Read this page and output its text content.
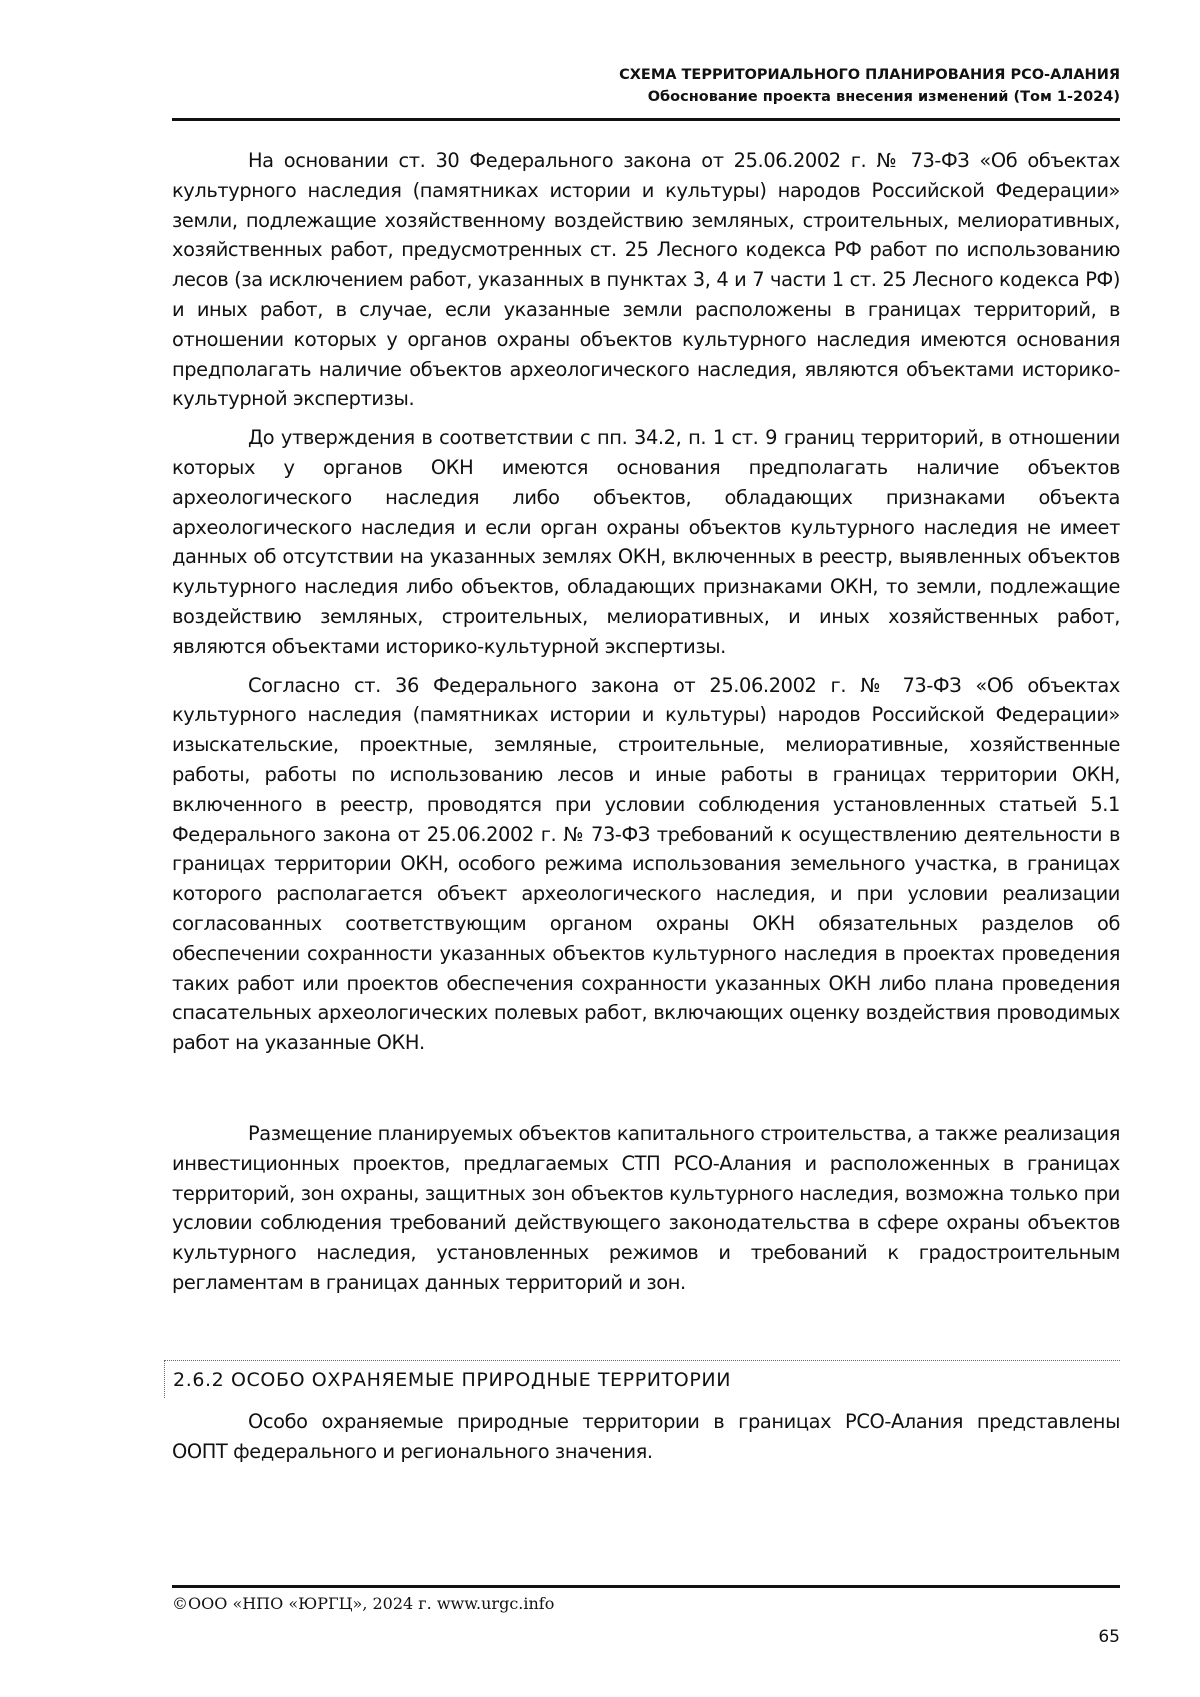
СХЕМА ТЕРРИТОРИАЛЬНОГО ПЛАНИРОВАНИЯ РСО-АЛАНИЯ
Обоснование проекта внесения изменений (Том 1-2024)

На основании ст. 30 Федерального закона от 25.06.2002 г. № 73-ФЗ «Об объектах культурного наследия (памятниках истории и культуры) народов Российской Федерации» земли, подлежащие хозяйственному воздействию земляных, строительных, мелиоративных, хозяйственных работ, предусмотренных ст. 25 Лесного кодекса РФ работ по использованию лесов (за исключением работ, указанных в пунктах 3, 4 и 7 части 1 ст. 25 Лесного кодекса РФ) и иных работ, в случае, если указанные земли расположены в границах территорий, в отношении которых у органов охраны объектов культурного наследия имеются основания предполагать наличие объектов археологического наследия, являются объектами историко-культурной экспертизы.

До утверждения в соответствии с пп. 34.2, п. 1 ст. 9 границ территорий, в отношении которых у органов ОКН имеются основания предполагать наличие объектов археологического наследия либо объектов, обладающих признаками объекта археологического наследия и если орган охраны объектов культурного наследия не имеет данных об отсутствии на указанных землях ОКН, включенных в реестр, выявленных объектов культурного наследия либо объектов, обладающих признаками ОКН, то земли, подлежащие воздействию земляных, строительных, мелиоративных, и иных хозяйственных работ, являются объектами историко-культурной экспертизы.

Согласно ст. 36 Федерального закона от 25.06.2002 г. № 73-ФЗ «Об объектах культурного наследия (памятниках истории и культуры) народов Российской Федерации» изыскательские, проектные, земляные, строительные, мелиоративные, хозяйственные работы, работы по использованию лесов и иные работы в границах территории ОКН, включенного в реестр, проводятся при условии соблюдения установленных статьей 5.1 Федерального закона от 25.06.2002 г. № 73-ФЗ требований к осуществлению деятельности в границах территории ОКН, особого режима использования земельного участка, в границах которого располагается объект археологического наследия, и при условии реализации согласованных соответствующим органом охраны ОКН обязательных разделов об обеспечении сохранности указанных объектов культурного наследия в проектах проведения таких работ или проектов обеспечения сохранности указанных ОКН либо плана проведения спасательных археологических полевых работ, включающих оценку воздействия проводимых работ на указанные ОКН.

Размещение планируемых объектов капитального строительства, а также реализация инвестиционных проектов, предлагаемых СТП РСО-Алания и расположенных в границах территорий, зон охраны, защитных зон объектов культурного наследия, возможна только при условии соблюдения требований действующего законодательства в сфере охраны объектов культурного наследия, установленных режимов и требований к градостроительным регламентам в границах данных территорий и зон.

2.6.2 ОСОБО ОХРАНЯЕМЫЕ ПРИРОДНЫЕ ТЕРРИТОРИИ

Особо охраняемые природные территории в границах РСО-Алания представлены ООПТ федерального и регионального значения.

©ООО «НПО «ЮРГЦ», 2024 г. www.urgc.info
65
